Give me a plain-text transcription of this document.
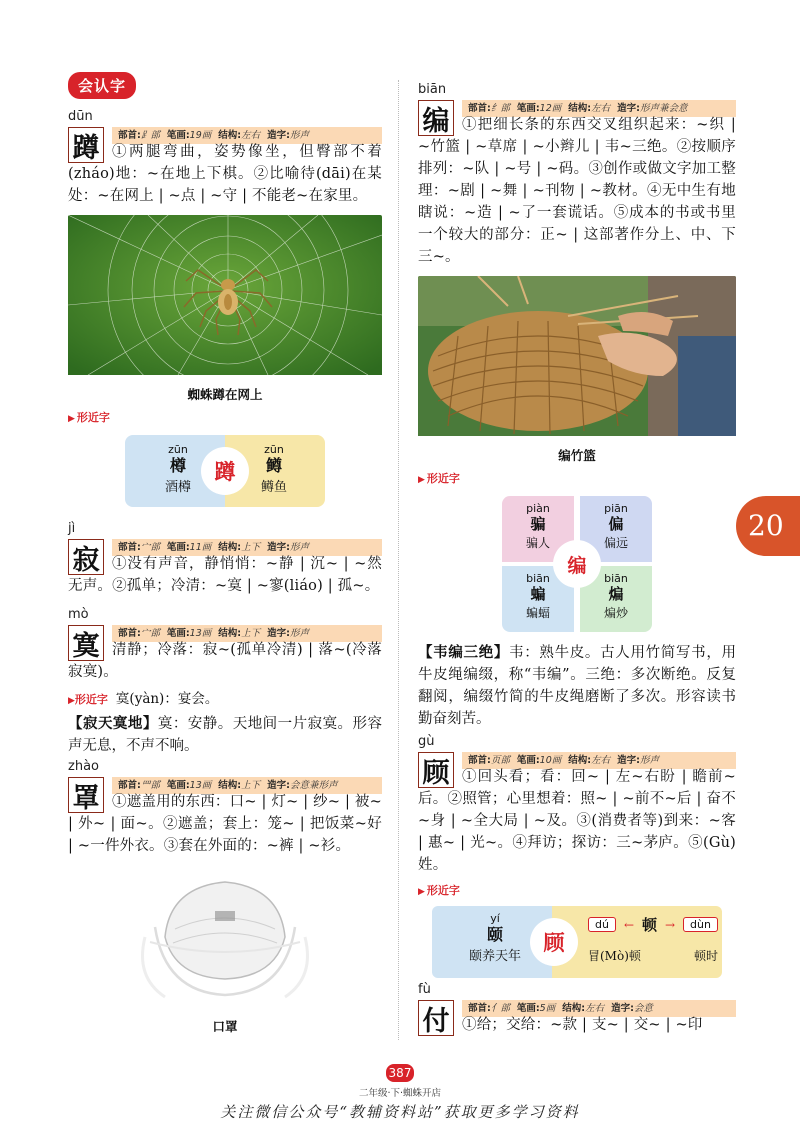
会认字
dūn
蹲	部首:⻊部 笔画:19画 结构:左右 造字:形声

①两腿弯曲，姿势像坐，但臀部不着(zháo)地：~在地上下棋。②比喻待(dāi)在某处：~在网上 | ~点 | ~守 | 不能老~在家里。

蜘蛛蹲在网上

▶ 形近字

zūn
樽
酒樽
zūn
鳟
鳟鱼
蹲
jì
寂	部首:宀部 笔画:11画 结构:上下 造字:形声

①没有声音，静悄悄：~静 | 沉~ | ~然无声。②孤单；冷清：~寞 | ~寥(liáo) | 孤~。

mò
寞	部首:宀部 笔画:13画 结构:上下 造字:形声

清静；冷落：寂~(孤单冷清) | 落~(冷落寂寞)。

▶形近字 寞(yàn)：宴会。

【寂天寞地】寞：安静。天地间一片寂寞。形容声无息，不声不响。

zhào
罩	部首:罒部 笔画:13画 结构:上下 造字:会意兼形声

①遮盖用的东西：口~ | 灯~ | 纱~ | 被~ | 外~ | 面~。②遮盖；套上：笼~ | 把饭菜~好 | ~一件外衣。③套在外面的：~裤 | ~衫。

口罩

biān
编	部首:纟部 笔画:12画 结构:左右 造字:形声兼会意

①把细长条的东西交叉组织起来：~织 | ~竹篮 | ~草席 | ~小辫儿 | 韦~三绝。②按顺序排列：~队 | ~号 | ~码。③创作或做文字加工整理：~剧 | ~舞 | ~刊物 | ~教材。④无中生有地瞎说：~造 | ~了一套谎话。⑤成本的书或书里一个较大的部分：正~ | 这部著作分上、中、下三~。

编竹篮

▶ 形近字

piàn
骗
骗人
piān
偏
偏远
biān
蝙
蝙蝠
biān
煸
煸炒
编

【韦编三绝】韦：熟牛皮。古人用竹简写书，用牛皮绳编缀，称“韦编”。三绝：多次断绝。反复翻阅，编缀竹简的牛皮绳磨断了多次。形容读书勤奋刻苦。

gù
顾	部首:页部 笔画:10画 结构:左右 造字:形声

①回头看；看：回~ | 左~右盼 | 瞻前~后。②照管；心里想着：照~ | ~前不~后 | 奋不~身 | ~全大局 | ~及。③(消费者等)到来：~客 | 惠~ | 光~。④拜访；探访：三~茅庐。⑤(Gù)姓。

▶ 形近字

yí
颐
颐养天年
顾
dú	← 顿 →	dùn
冒(Mò)顿	顿时
fù
付	部首:亻部 笔画:5画 结构:左右 造字:会意

①给；交给：~款 | 支~ | 交~ | ~印

20
387
二年级·下·蜘蛛开店
关注微信公众号“教辅资料站”获取更多学习资料
